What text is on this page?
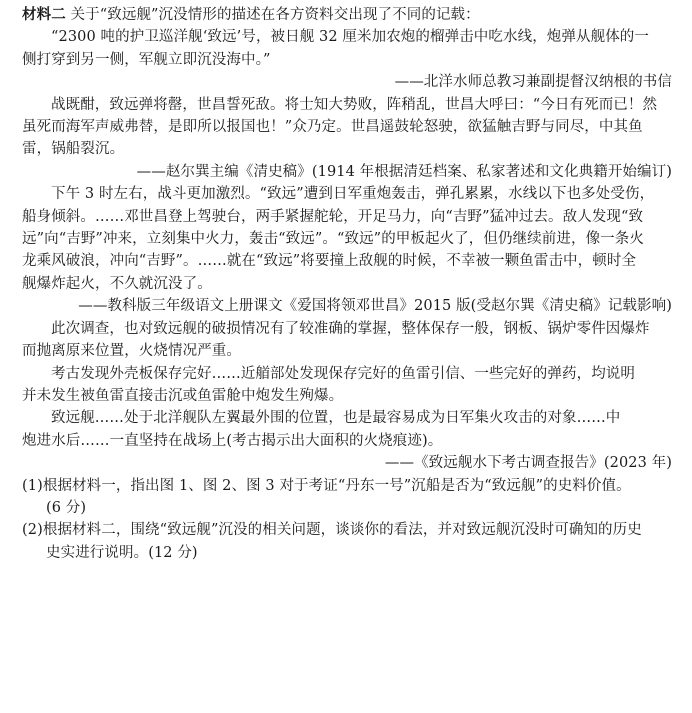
材料二 关于“致远舰”沉没情形的描述在各方资料交出现了不同的记载：
“2300 吨的护卫巡洋舰‘致远’号，被日舰 32 厘米加农炮的榴弹击中吃水线，炮弹从舰体的一
侧打穿到另一侧，军舰立即沉没海中。”
——北洋水师总教习兼副提督汉纳根的书信
战既酣，致远弹将罄，世昌誓死敌。将士知大势败，阵稍乱，世昌大呼曰：“今日有死而已！然
虽死而海军声威弗替，是即所以报国也！”众乃定。世昌遥鼓轮怒驶，欲猛触吉野与同尽，中其鱼
雷，锅船裂沉。
——赵尔巽主编《清史稿》(1914 年根据清廷档案、私家著述和文化典籍开始编订)
下午 3 时左右，战斗更加激烈。“致远”遭到日军重炮轰击，弹孔累累，水线以下也多处受伤，
船身倾斜。……邓世昌登上驾驶台，两手紧握舵轮，开足马力，向“吉野”猛冲过去。敌人发现“致
远”向“吉野”冲来，立刻集中火力，轰击“致远”。“致远”的甲板起火了，但仍继续前进，像一条火
龙乘风破浪，冲向“吉野”。……就在“致远”将要撞上敌舰的时候，不幸被一颗鱼雷击中，顿时全
舰爆炸起火，不久就沉没了。
——教科版三年级语文上册课文《爱国将领邓世昌》2015 版(受赵尔巽《清史稿》记载影响)
此次调查，也对致远舰的破损情况有了较准确的掌握，整体保存一般，钢板、锅炉零件因爆炸
而抛离原来位置，火烧情况严重。
考古发现外壳板保存完好……近艏部处发现保存完好的鱼雷引信、一些完好的弹药，均说明
并未发生被鱼雷直接击沉或鱼雷舱中炮发生殉爆。
致远舰……处于北洋舰队左翼最外围的位置，也是最容易成为日军集火攻击的对象……中
炮进水后……一直坚持在战场上(考古揭示出大面积的火烧痕迹)。
——《致远舰水下考古调查报告》(2023 年)
(1)根据材料一，指出图 1、图 2、图 3 对于考证“丹东一号”沉船是否为“致远舰”的史料价值。
(6 分)
(2)根据材料二，围绕“致远舰”沉没的相关问题，谈谈你的看法，并对致远舰沉没时可确知的历史
史实进行说明。(12 分)
